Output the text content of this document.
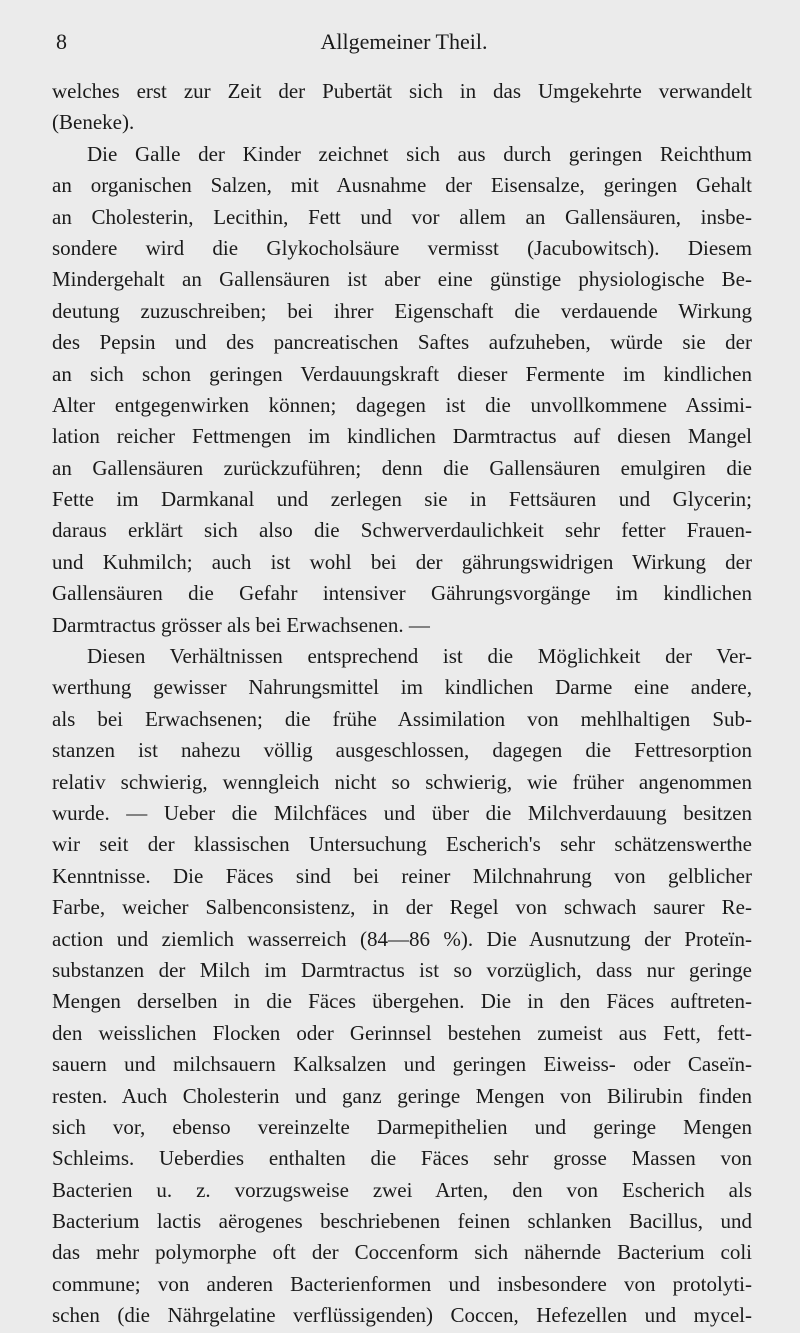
8	Allgemeiner Theil.
welches erst zur Zeit der Pubertät sich in das Umgekehrte verwandelt
(Beneke).
Die Galle der Kinder zeichnet sich aus durch geringen Reichthum
an organischen Salzen, mit Ausnahme der Eisensalze, geringen Gehalt
an Cholesterin, Lecithin, Fett und vor allem an Gallensäuren, insbe-
sondere wird die Glykocholsäure vermisst (Jacubowitsch). Diesem
Mindergehalt an Gallensäuren ist aber eine günstige physiologische Be-
deutung zuzuschreiben; bei ihrer Eigenschaft die verdauende Wirkung
des Pepsin und des pancreatischen Saftes aufzuheben, würde sie der
an sich schon geringen Verdauungskraft dieser Fermente im kindlichen
Alter entgegenwirken können; dagegen ist die unvollkommene Assimi-
lation reicher Fettmengen im kindlichen Darmtractus auf diesen Mangel
an Gallensäuren zurückzuführen; denn die Gallensäuren emulgiren die
Fette im Darmkanal und zerlegen sie in Fettsäuren und Glycerin;
daraus erklärt sich also die Schwerverdaulichkeit sehr fetter Frauen-
und Kuhmilch; auch ist wohl bei der gährungswidrigen Wirkung der
Gallensäuren die Gefahr intensiver Gährungsvorgänge im kindlichen
Darmtractus grösser als bei Erwachsenen. —
Diesen Verhältnissen entsprechend ist die Möglichkeit der Ver-
werthung gewisser Nahrungsmittel im kindlichen Darme eine andere,
als bei Erwachsenen; die frühe Assimilation von mehlhaltigen Sub-
stanzen ist nahezu völlig ausgeschlossen, dagegen die Fettresorption
relativ schwierig, wenngleich nicht so schwierig, wie früher angenommen
wurde. — Ueber die Milchfäces und über die Milchverdauung besitzen
wir seit der klassischen Untersuchung Escherich's sehr schätzenswerthe
Kenntnisse. Die Fäces sind bei reiner Milchnahrung von gelblicher
Farbe, weicher Salbenconsistenz, in der Regel von schwach saurer Re-
action und ziemlich wasserreich (84—86 %). Die Ausnutzung der Proteïn-
substanzen der Milch im Darmtractus ist so vorzüglich, dass nur geringe
Mengen derselben in die Fäces übergehen. Die in den Fäces auftreten-
den weisslichen Flocken oder Gerinnsel bestehen zumeist aus Fett, fett-
sauern und milchsauern Kalksalzen und geringen Eiweiss- oder Caseïn-
resten. Auch Cholesterin und ganz geringe Mengen von Bilirubin finden
sich vor, ebenso vereinzelte Darmepithelien und geringe Mengen
Schleims. Ueberdies enthalten die Fäces sehr grosse Massen von
Bacterien u. z. vorzugsweise zwei Arten, den von Escherich als
Bacterium lactis aërogenes beschriebenen feinen schlanken Bacillus, und
das mehr polymorphe oft der Coccenform sich nähernde Bacterium coli
commune; von anderen Bacterienformen und insbesondere von protolyti-
schen (die Nährgelatine verflüssigenden) Coccen, Hefezellen und mycel-
